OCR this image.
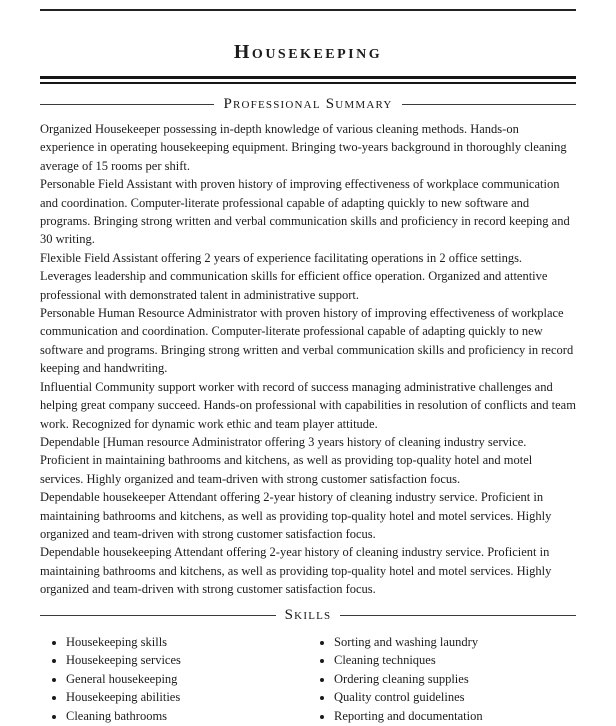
Housekeeping
Professional Summary

Organized Housekeeper possessing in-depth knowledge of various cleaning methods. Hands-on experience in operating housekeeping equipment. Bringing two-years background in thoroughly cleaning average of 15 rooms per shift.

Personable Field Assistant with proven history of improving effectiveness of workplace communication and coordination. Computer-literate professional capable of adapting quickly to new software and programs. Bringing strong written and verbal communication skills and proficiency in record keeping and 30 writing.

Flexible Field Assistant offering 2 years of experience facilitating operations in 2 office settings. Leverages leadership and communication skills for efficient office operation. Organized and attentive professional with demonstrated talent in administrative support.

Personable Human Resource Administrator with proven history of improving effectiveness of workplace communication and coordination. Computer-literate professional capable of adapting quickly to new software and programs. Bringing strong written and verbal communication skills and proficiency in record keeping and handwriting.

Influential Community support worker with record of success managing administrative challenges and helping great company succeed. Hands-on professional with capabilities in resolution of conflicts and team work. Recognized for dynamic work ethic and team player attitude.

Dependable [Human resource Administrator offering 3 years history of cleaning industry service. Proficient in maintaining bathrooms and kitchens, as well as providing top-quality hotel and motel services. Highly organized and team-driven with strong customer satisfaction focus.

Dependable housekeeper Attendant offering 2-year history of cleaning industry service. Proficient in maintaining bathrooms and kitchens, as well as providing top-quality hotel and motel services. Highly organized and team-driven with strong customer satisfaction focus.

Dependable housekeeping Attendant offering 2-year history of cleaning industry service. Proficient in maintaining bathrooms and kitchens, as well as providing top-quality hotel and motel services. Highly organized and team-driven with strong customer satisfaction focus.

Skills
• Housekeeping skills
• Housekeeping services
• General housekeeping
• Housekeeping abilities
• Cleaning bathrooms
• Sorting and washing laundry
• Cleaning techniques
• Ordering cleaning supplies
• Quality control guidelines
• Reporting and documentation
